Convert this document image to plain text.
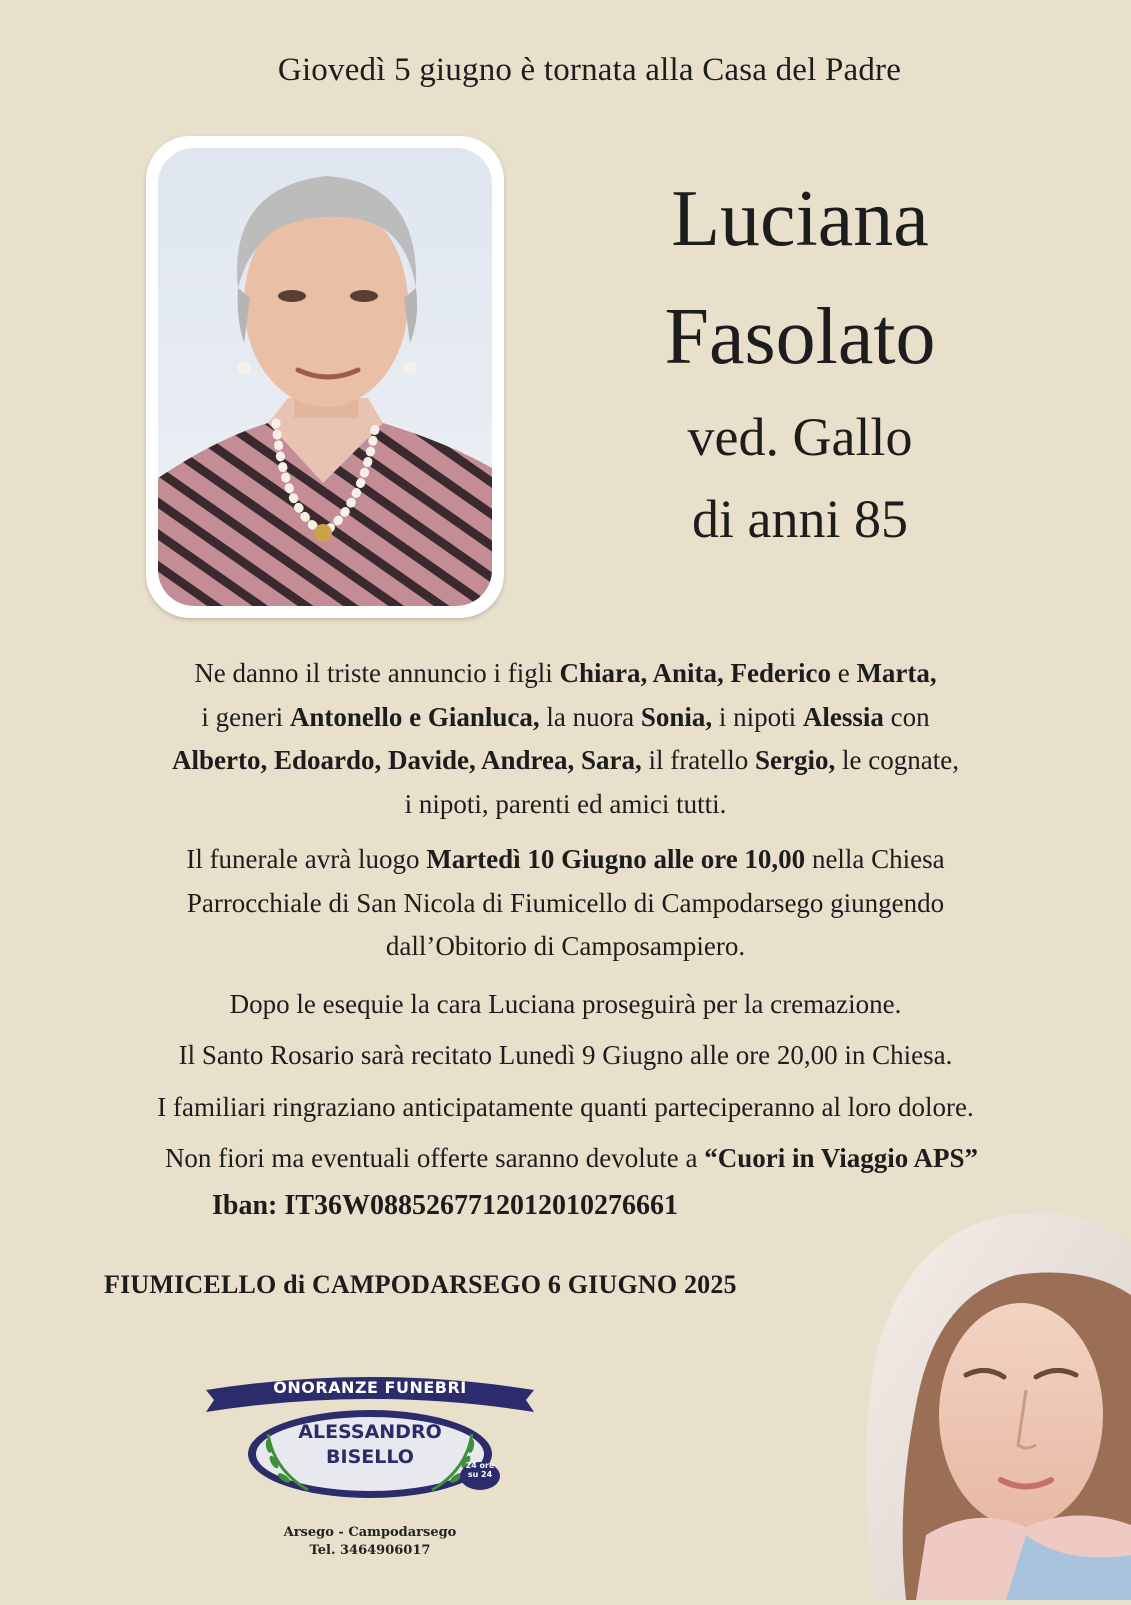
Giovedì 5 giugno è tornata alla Casa del Padre
Luciana
Fasolato
ved. Gallo
di anni 85

Ne danno il triste annuncio i figli Chiara, Anita, Federico e Marta,
i generi Antonello e Gianluca, la nuora Sonia, i nipoti Alessia con
Alberto, Edoardo, Davide, Andrea, Sara, il fratello Sergio, le cognate,
i nipoti, parenti ed amici tutti.

Il funerale avrà luogo Martedì 10 Giugno alle ore 10,00 nella Chiesa
Parrocchiale di San Nicola di Fiumicello di Campodarsego giungendo
dall’Obitorio di Camposampiero.

Dopo le esequie la cara Luciana proseguirà per la cremazione.

Il Santo Rosario sarà recitato Lunedì 9 Giugno alle ore 20,00 in Chiesa.

I familiari ringraziano anticipatamente quanti parteciperanno al loro dolore.

Non fiori ma eventuali offerte saranno devolute a “Cuori in Viaggio APS”

Iban: IT36W0885267712012010276661
FIUMICELLO di CAMPODARSEGO 6 GIUGNO 2025
ONORANZE FUNEBRI
ALESSANDRO
BISELLO	24 ore
su 24
Arsego - Campodarsego
Tel. 3464906017
